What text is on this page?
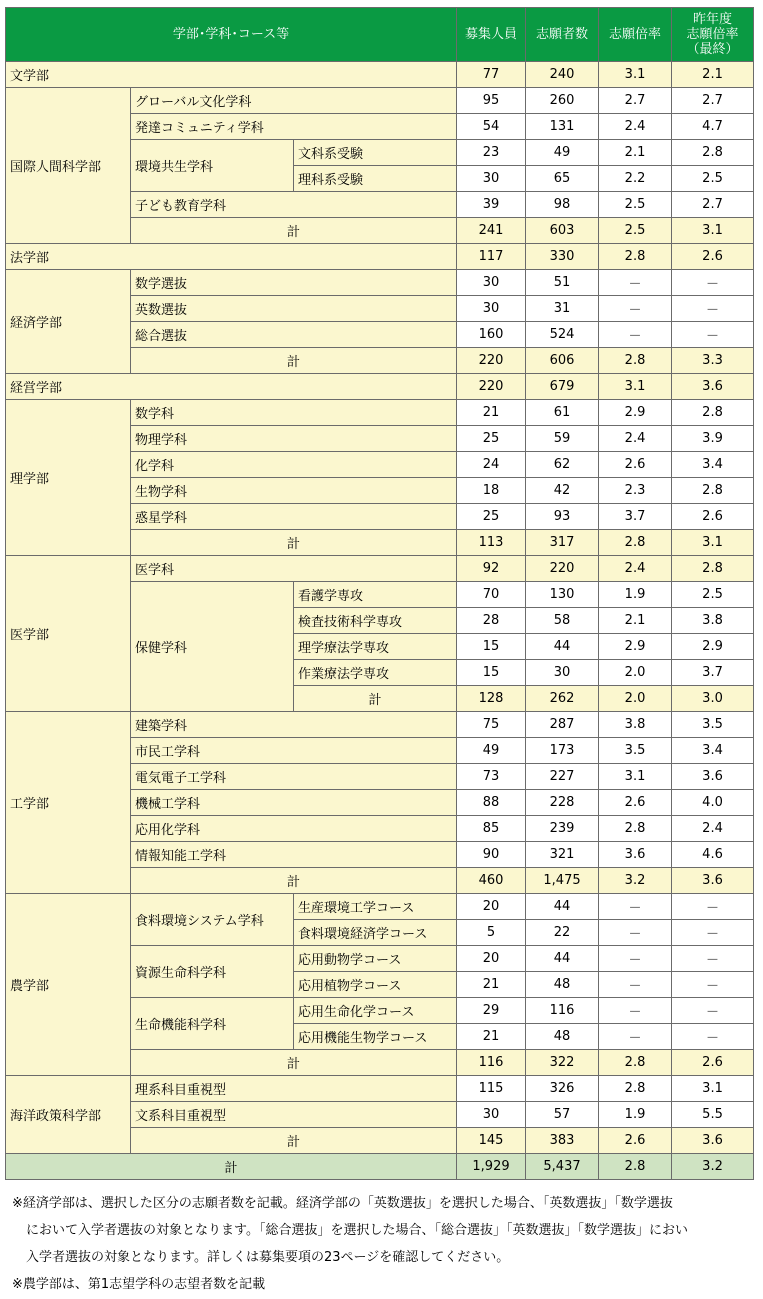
学部･学科･コース等			募集人員	志願者数	志願倍率	昨年度
志願倍率
（最終）
文学部			77	240	3.1	2.1
国際人間科学部	グローバル文化学科		95	260	2.7	2.7
	発達コミュニティ学科		54	131	2.4	4.7
	環境共生学科	文科系受験	23	49	2.1	2.8
		理科系受験	30	65	2.2	2.5
	子ども教育学科		39	98	2.5	2.7
	計		241	603	2.5	3.1
法学部			117	330	2.8	2.6
経済学部	数学選抜		30	51	－	－
	英数選抜		30	31	－	－
	総合選抜		160	524	－	－
	計		220	606	2.8	3.3
経営学部			220	679	3.1	3.6
理学部	数学科		21	61	2.9	2.8
	物理学科		25	59	2.4	3.9
	化学科		24	62	2.6	3.4
	生物学科		18	42	2.3	2.8
	惑星学科		25	93	3.7	2.6
	計		113	317	2.8	3.1
医学部	医学科		92	220	2.4	2.8
	保健学科	看護学専攻	70	130	1.9	2.5
		検査技術科学専攻	28	58	2.1	3.8
		理学療法学専攻	15	44	2.9	2.9
		作業療法学専攻	15	30	2.0	3.7
		計	128	262	2.0	3.0
工学部	建築学科		75	287	3.8	3.5
	市民工学科		49	173	3.5	3.4
	電気電子工学科		73	227	3.1	3.6
	機械工学科		88	228	2.6	4.0
	応用化学科		85	239	2.8	2.4
	情報知能工学科		90	321	3.6	4.6
	計		460	1,475	3.2	3.6
農学部	食料環境システム学科	生産環境工学コース	20	44	－	－
		食料環境経済学コース	5	22	－	－
	資源生命科学科	応用動物学コース	20	44	－	－
		応用植物学コース	21	48	－	－
	生命機能科学科	応用生命化学コース	29	116	－	－
		応用機能生物学コース	21	48	－	－
	計		116	322	2.8	2.6
海洋政策科学部	理系科目重視型		115	326	2.8	3.1
	文系科目重視型		30	57	1.9	5.5
	計		145	383	2.6	3.6
計			1,929	5,437	2.8	3.2

※経済学部は、選択した区分の志願者数を記載。経済学部の「英数選抜」を選択した場合、「英数選抜」「数学選抜

において入学者選抜の対象となります。「総合選抜」を選択した場合、「総合選抜」「英数選抜」「数学選抜」におい

入学者選抜の対象となります。詳しくは募集要項の23ページを確認してください。

※農学部は、第1志望学科の志望者数を記載
